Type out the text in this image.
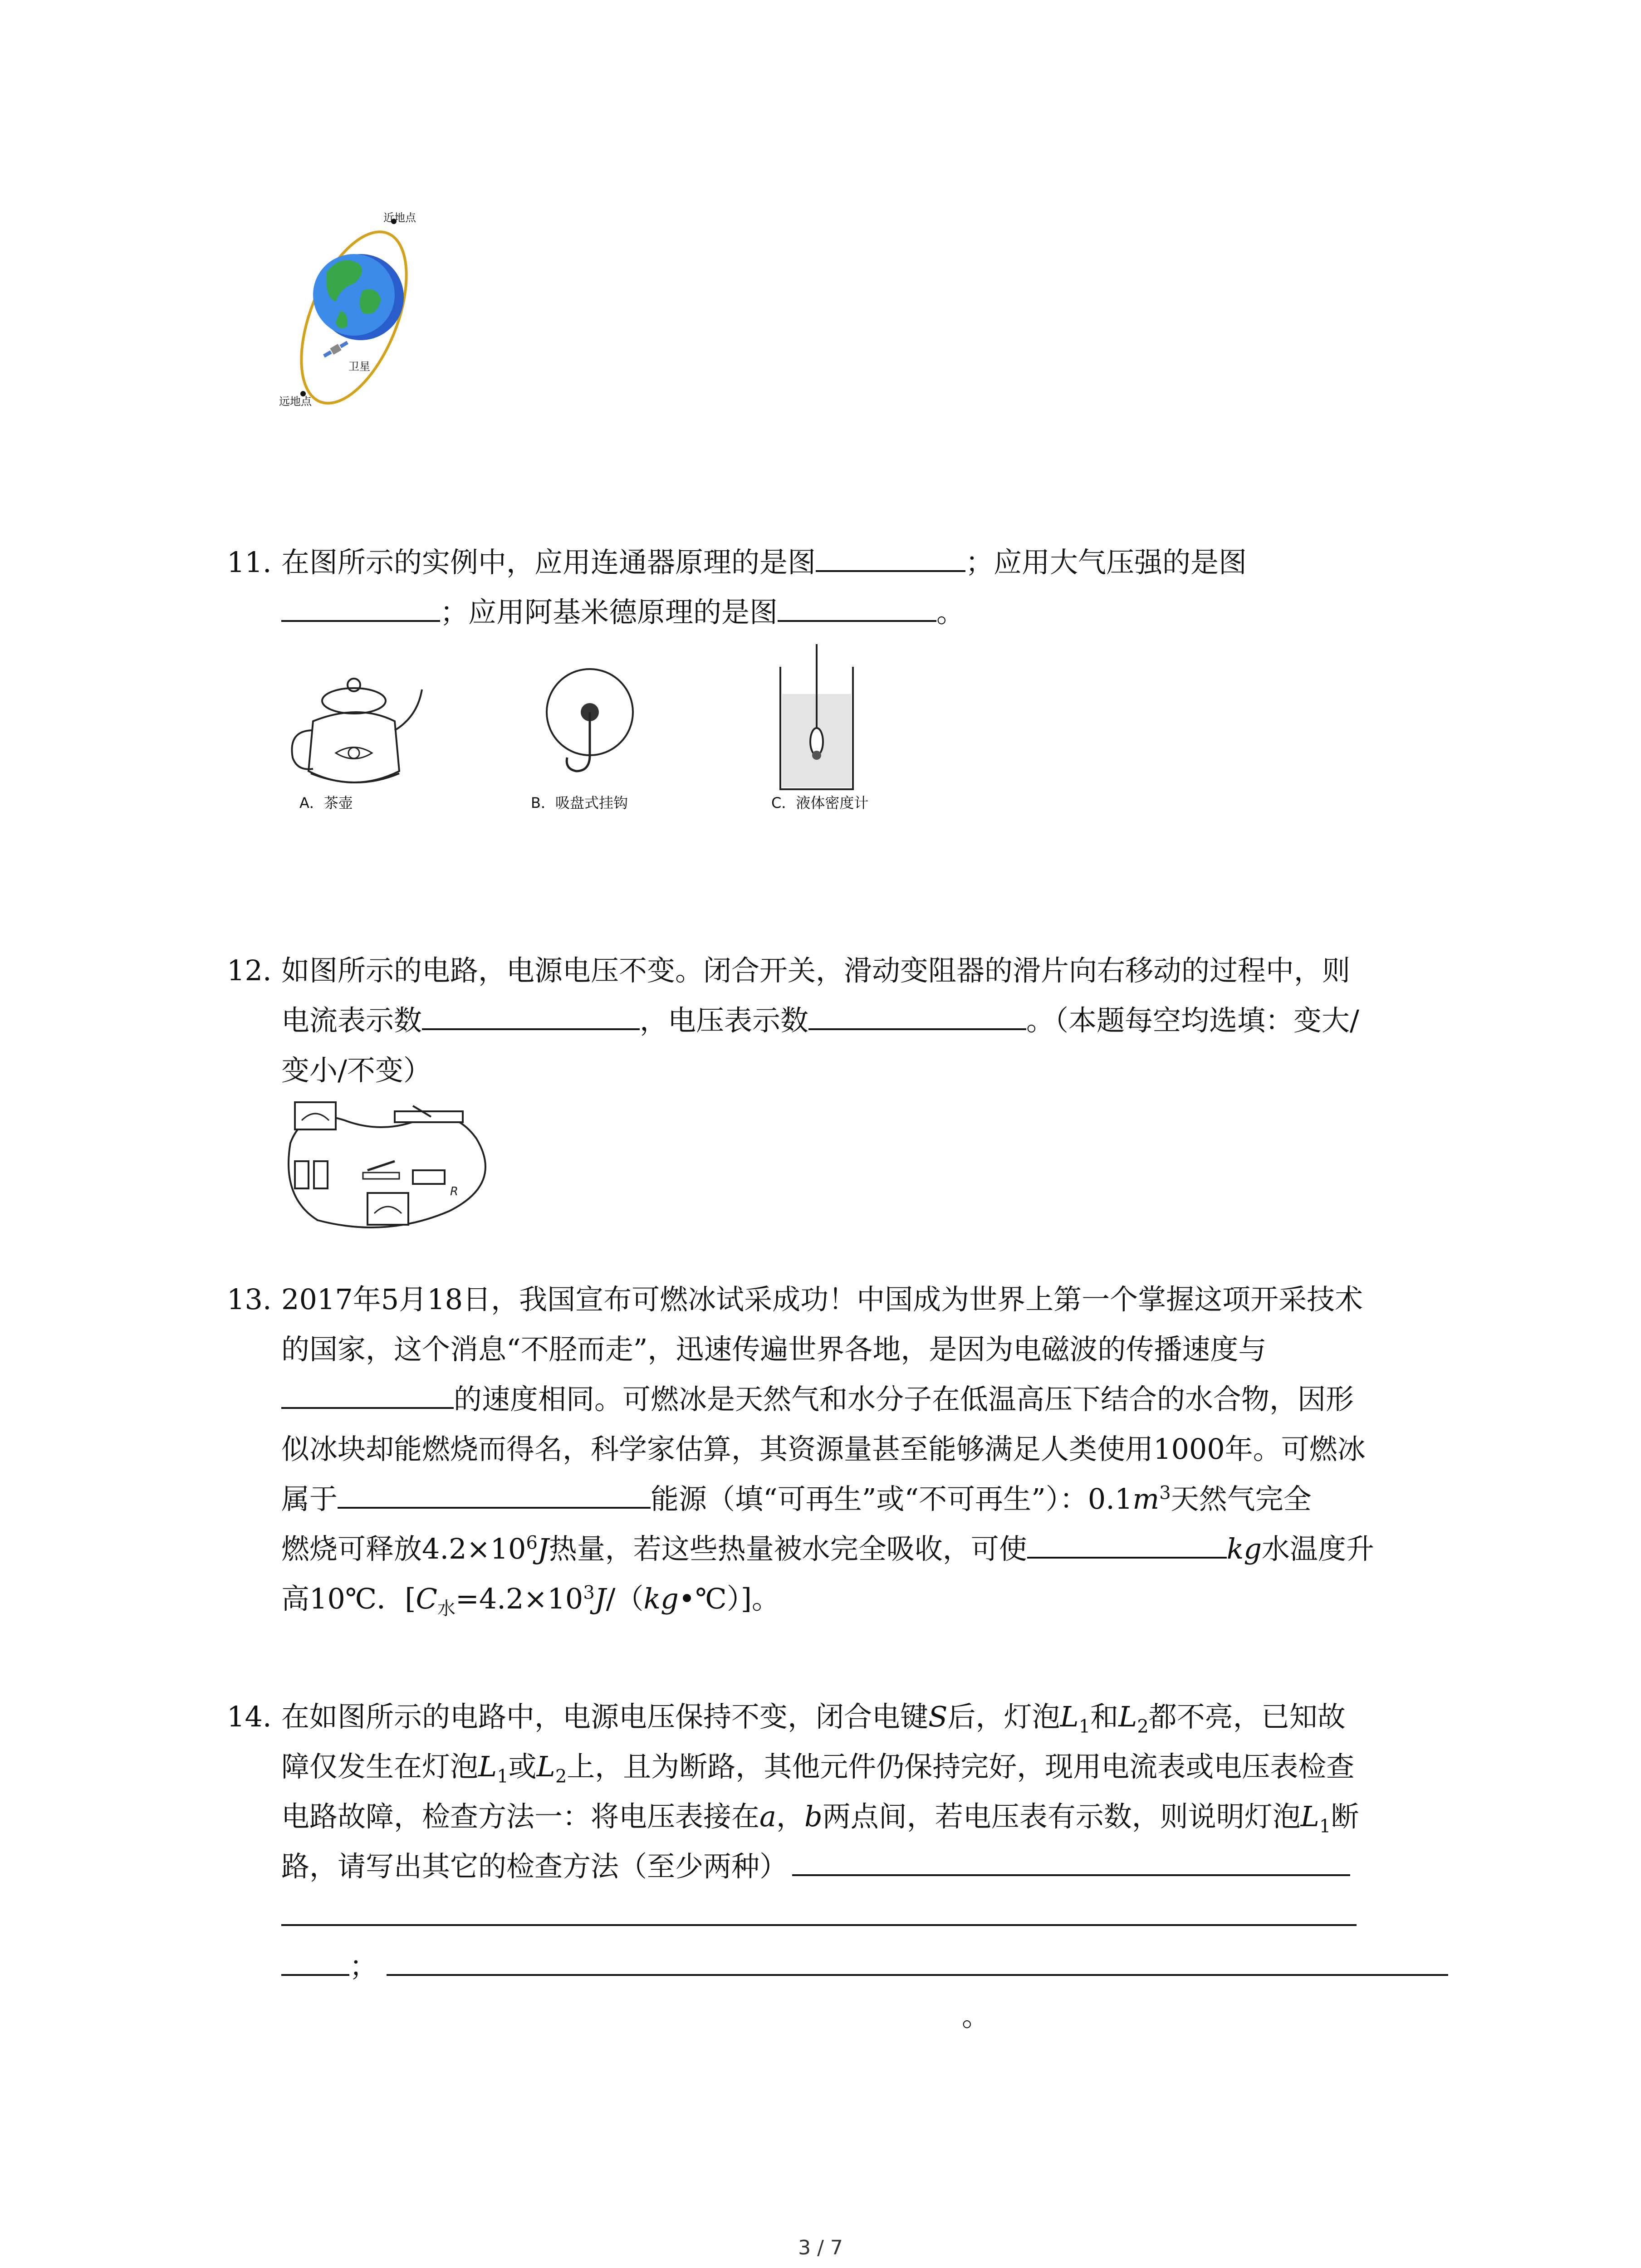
近地点
卫星
远地点
11. 在图所示的实例中，应用连通器原理的是图	；应用大气压强的是图
；应用阿基米德原理的是图	。
A．茶壶	B．吸盘式挂钩	C．液体密度计
12. 如图所示的电路，电源电压不变。闭合开关，滑动变阻器的滑片向右移动的过程中，则
电流表示数	，电压表示数	。（本题每空均选填：变大/
变小/不变）
R
13. 2017年5月18日，我国宣布可燃冰试采成功！中国成为世界上第一个掌握这项开采技术
的国家，这个消息“不胫而走”，迅速传遍世界各地，是因为电磁波的传播速度与
的速度相同。可燃冰是天然气和水分子在低温高压下结合的水合物，因形
似冰块却能燃烧而得名，科学家估算，其资源量甚至能够满足人类使用1000年。可燃冰
属于	能源（填“可再生”或“不可再生”）：$0.1m^3$天然气完全
燃烧可释放$4.2\times 10^6J$热量，若这些热量被水完全吸收，可使	kg水温度升
高10℃．$[C_水=4.2\times 10^3J/(kg•℃)]$。
14. 在如图所示的电路中，电源电压保持不变，闭合电键S后，灯泡$L_1$和$L_2$都不亮，已知故
障仅发生在灯泡$L_1$或$L_2$上，且为断路，其他元件仍保持完好，现用电流表或电压表检查
电路故障，检查方法一：将电压表接在a，b两点间，若电压表有示数，则说明灯泡$L_1$断
路，请写出其它的检查方法（至少两种）
；
。
3 / 7
